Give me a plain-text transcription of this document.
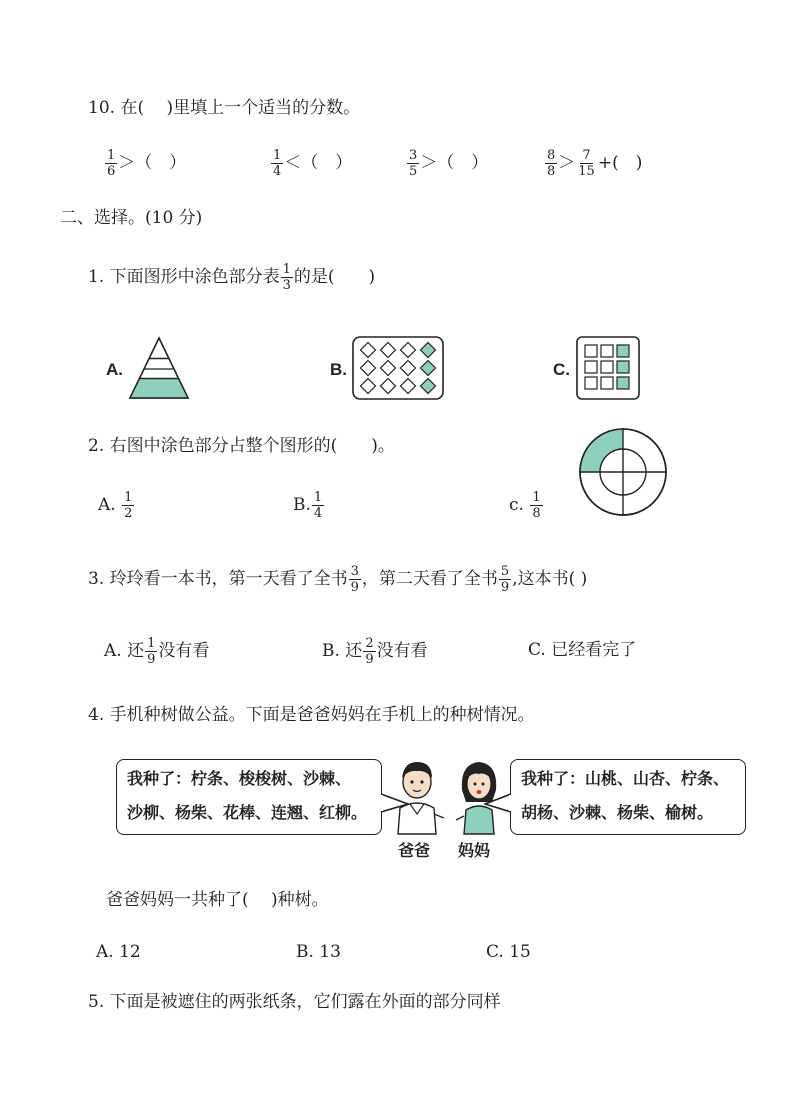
10. 在(　 )里填上一个适当的分数。
$\frac{1}{6}$ ＞（　）	$\frac{1}{4}$ ＜（　）	$\frac{3}{5}$ ＞（　）	$\frac{8}{8} > \frac{7}{15}$ +(　)
二、选择。(10 分)
1. 下面图形中涂色部分表 $\frac{1}{3}$ 的是(　　)
A.	B.	C.
2. 右图中涂色部分占整个图形的(　　)。
A. $\frac{1}{2}$	B. $\frac{1}{4}$	c. $\frac{1}{8}$
3. 玲玲看一本书，第一天看了全书 $\frac{3}{9}$ ，第二天看了全书 $\frac{5}{9}$ ,这本书( )
A. 还 $\frac{1}{9}$ 没有看	B. 还 $\frac{2}{9}$ 没有看	C. 已经看完了
4. 手机种树做公益。下面是爸爸妈妈在手机上的种树情况。
我种了：柠条、梭梭树、沙棘、
沙柳、杨柴、花棒、连翘、红柳。
我种了：山桃、山杏、柠条、
胡杨、沙棘、杨柴、榆树。
爸爸 妈妈
爸爸妈妈一共种了(　 )种树。
A. 12	B. 13	C. 15
5. 下面是被遮住的两张纸条，它们露在外面的部分同样
